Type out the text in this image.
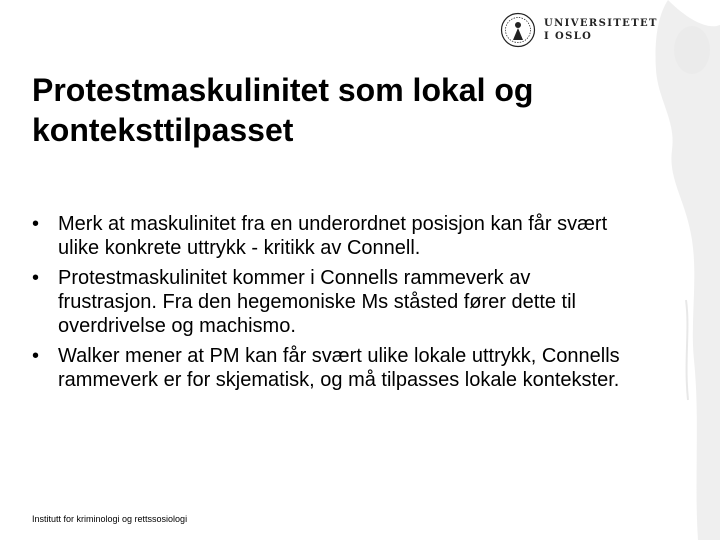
UNIVERSITETET
I OSLO
Protestmaskulinitet som lokal og konteksttilpasset
• Merk at maskulinitet fra en underordnet posisjon kan får svært ulike konkrete uttrykk - kritikk av Connell.
• Protestmaskulinitet kommer i Connells rammeverk av frustrasjon. Fra den hegemoniske Ms ståsted fører dette til overdrivelse og machismo.
• Walker mener at PM kan får svært ulike lokale uttrykk, Connells rammeverk er for skjematisk, og må tilpasses lokale kontekster.
Institutt for kriminologi og rettssosiologi
